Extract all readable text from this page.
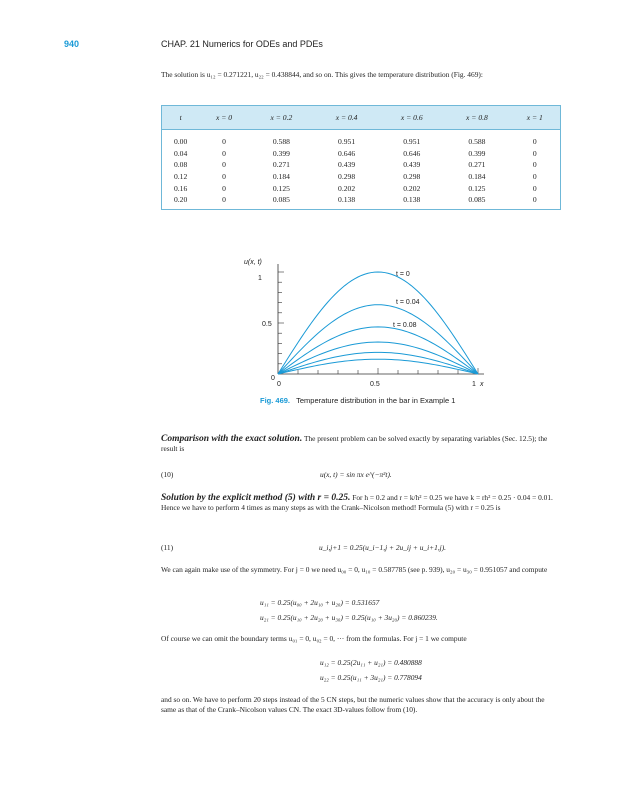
940	CHAP. 21 Numerics for ODEs and PDEs
The solution is u₁₂ = 0.271221, u₂₂ = 0.438844, and so on. This gives the temperature distribution (Fig. 469):
t	x = 0	x = 0.2	x = 0.4	x = 0.6	x = 0.8	x = 1
0.00	0	0.588	0.951	0.951	0.588	0
0.04	0	0.399	0.646	0.646	0.399	0
0.08	0	0.271	0.439	0.439	0.271	0
0.12	0	0.184	0.298	0.298	0.184	0
0.16	0	0.125	0.202	0.202	0.125	0
0.20	0	0.085	0.138	0.138	0.085	0
u(x, t)
1
0.5
0
0	0.5	1 x
t = 0
t = 0.04
t = 0.08
Fig. 469. Temperature distribution in the bar in Example 1
Comparison with the exact solution. The present problem can be solved exactly by separating variables (Sec. 12.5); the result is
(10)	u(x, t) = sin πx e^(−π²t).
Solution by the explicit method (5) with r = 0.25. For h = 0.2 and r = k/h² = 0.25 we have k = rh² = 0.25 · 0.04 = 0.01. Hence we have to perform 4 times as many steps as with the Crank–Nicolson method! Formula (5) with r = 0.25 is
(11)	u_i,j+1 = 0.25(u_i−1,j + 2u_ij + u_i+1,j).
We can again make use of the symmetry. For j = 0 we need u₀₀ = 0, u₁₀ = 0.587785 (see p. 939), u₂₀ = u₃₀ = 0.951057 and compute
u₁₁ = 0.25(u₀₀ + 2u₁₀ + u₂₀) = 0.531657
u₂₁ = 0.25(u₁₀ + 2u₂₀ + u₃₀) = 0.25(u₁₀ + 3u₂₀) = 0.860239.
Of course we can omit the boundary terms u₀₁ = 0, u₀₂ = 0, ··· from the formulas. For j = 1 we compute
u₁₂ = 0.25(2u₁₁ + u₂₁) = 0.480888
u₂₂ = 0.25(u₁₁ + 3u₂₁) = 0.778094
and so on. We have to perform 20 steps instead of the 5 CN steps, but the numeric values show that the accuracy is only about the same as that of the Crank–Nicolson values CN. The exact 3D-values follow from (10).
